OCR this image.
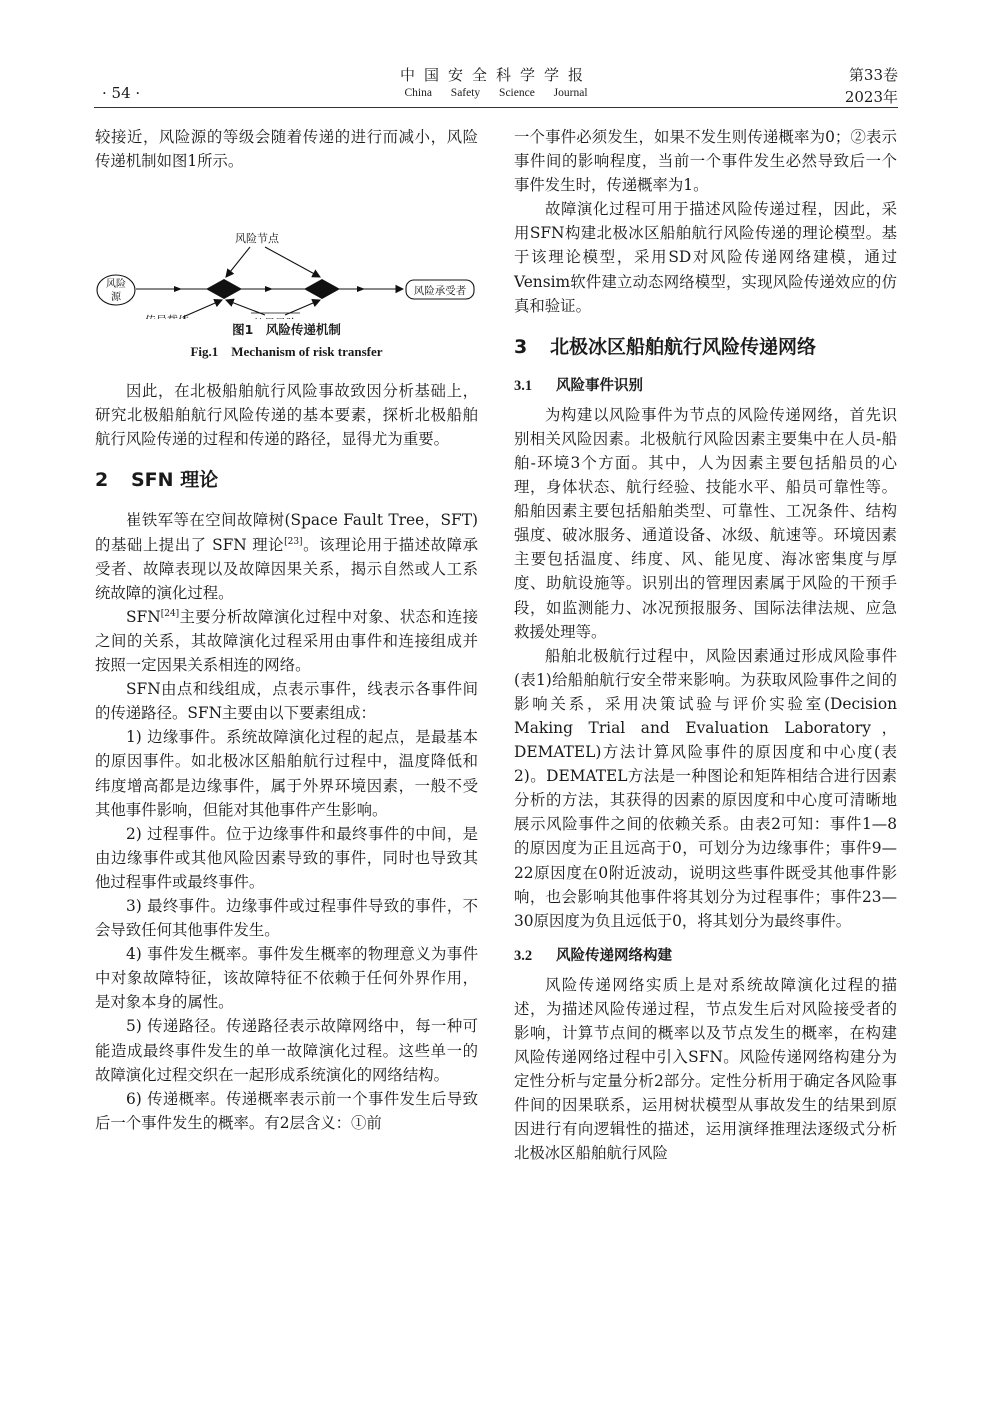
· 54 ·
中国安全科学学报
China Safety Science Journal
第33卷
2023年

较接近，风险源的等级会随着传递的进行而减小，风险传递机制如图1所示。

风险节点
风险
源
风险承受者
图1　风险传递机制
Fig.1　Mechanism of risk transfer

因此，在北极船舶航行风险事故致因分析基础上，研究北极船舶航行风险传递的基本要素，探析北极船舶航行风险传递的过程和传递的路径，显得尤为重要。

2 SFN 理论

崔铁军等在空间故障树(Space Fault Tree，SFT)的基础上提出了 SFN 理论[23]。该理论用于描述故障承受者、故障表现以及故障因果关系，揭示自然或人工系统故障的演化过程。

SFN[24]主要分析故障演化过程中对象、状态和连接之间的关系，其故障演化过程采用由事件和连接组成并按照一定因果关系相连的网络。

SFN由点和线组成，点表示事件，线表示各事件间的传递路径。SFN主要由以下要素组成：

1) 边缘事件。系统故障演化过程的起点，是最基本的原因事件。如北极冰区船舶航行过程中，温度降低和纬度增高都是边缘事件，属于外界环境因素，一般不受其他事件影响，但能对其他事件产生影响。

2) 过程事件。位于边缘事件和最终事件的中间，是由边缘事件或其他风险因素导致的事件，同时也导致其他过程事件或最终事件。

3) 最终事件。边缘事件或过程事件导致的事件，不会导致任何其他事件发生。

4) 事件发生概率。事件发生概率的物理意义为事件中对象故障特征，该故障特征不依赖于任何外界作用，是对象本身的属性。

5) 传递路径。传递路径表示故障网络中，每一种可能造成最终事件发生的单一故障演化过程。这些单一的故障演化过程交织在一起形成系统演化的网络结构。

6) 传递概率。传递概率表示前一个事件发生后导致后一个事件发生的概率。有2层含义：①前

一个事件必须发生，如果不发生则传递概率为0；②表示事件间的影响程度，当前一个事件发生必然导致后一个事件发生时，传递概率为1。

故障演化过程可用于描述风险传递过程，因此，采用SFN构建北极冰区船舶航行风险传递的理论模型。基于该理论模型，采用SD对风险传递网络建模，通过Vensim软件建立动态网络模型，实现风险传递效应的仿真和验证。

3 北极冰区船舶航行风险传递网络
3.1 风险事件识别

为构建以风险事件为节点的风险传递网络，首先识别相关风险因素。北极航行风险因素主要集中在人员-船舶-环境3个方面。其中，人为因素主要包括船员的心理，身体状态、航行经验、技能水平、船员可靠性等。船舶因素主要包括船舶类型、可靠性、工况条件、结构强度、破冰服务、通道设备、冰级、航速等。环境因素主要包括温度、纬度、风、能见度、海冰密集度与厚度、助航设施等。识别出的管理因素属于风险的干预手段，如监测能力、冰况预报服务、国际法律法规、应急救援处理等。

船舶北极航行过程中，风险因素通过形成风险事件(表1)给船舶航行安全带来影响。为获取风险事件之间的影响关系，采用决策试验与评价实验室(Decision Making Trial and Evaluation Laboratory，DEMATEL)方法计算风险事件的原因度和中心度(表2)。DEMATEL方法是一种图论和矩阵相结合进行因素分析的方法，其获得的因素的原因度和中心度可清晰地展示风险事件之间的依赖关系。由表2可知：事件1—8的原因度为正且远高于0，可划分为边缘事件；事件9—22原因度在0附近波动，说明这些事件既受其他事件影响，也会影响其他事件将其划分为过程事件；事件23—30原因度为负且远低于0，将其划分为最终事件。

3.2 风险传递网络构建

风险传递网络实质上是对系统故障演化过程的描述，为描述风险传递过程，节点发生后对风险接受者的影响，计算节点间的概率以及节点发生的概率，在构建风险传递网络过程中引入SFN。风险传递网络构建分为定性分析与定量分析2部分。定性分析用于确定各风险事件间的因果联系，运用树状模型从事故发生的结果到原因进行有向逻辑性的描述，运用演绎推理法逐级式分析北极冰区船舶航行风险
